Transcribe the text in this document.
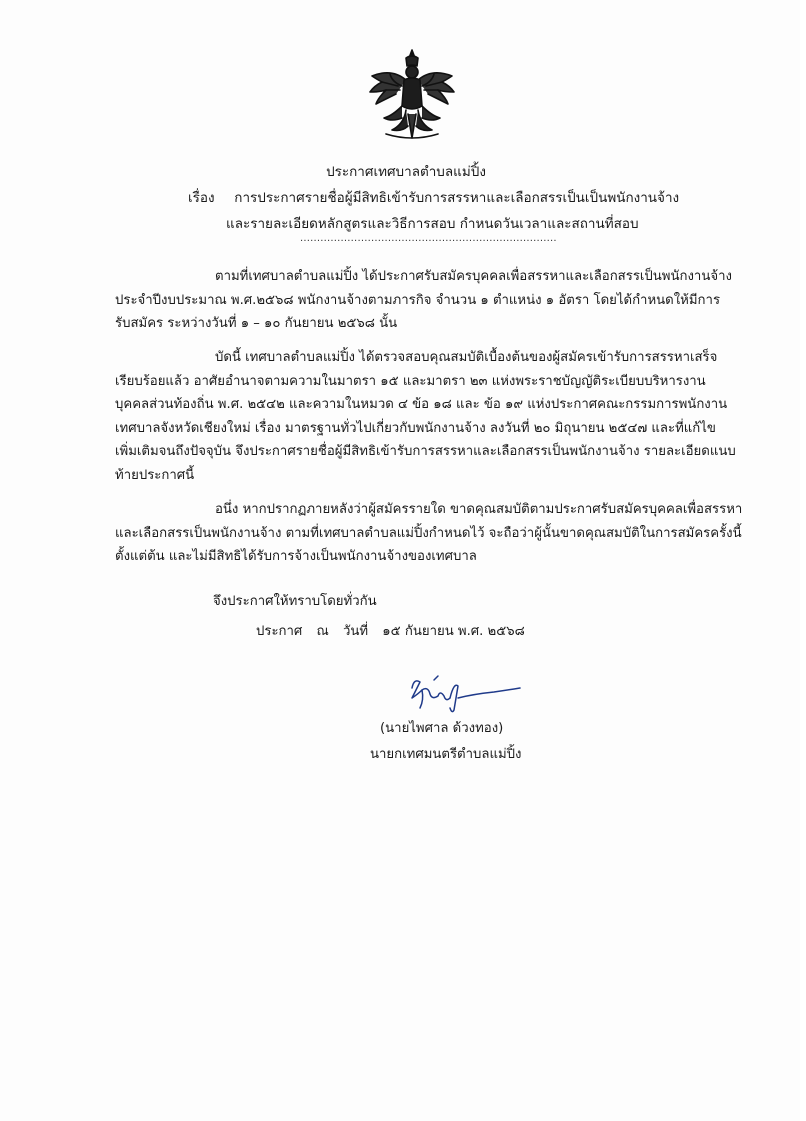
ประกาศเทศบาลตำบลแม่ปิ้ง
เรื่อง การประกาศรายชื่อผู้มีสิทธิเข้ารับการสรรหาและเลือกสรรเป็นเป็นพนักงานจ้าง
และรายละเอียดหลักสูตรและวิธีการสอบ กำหนดวันเวลาและสถานที่สอบ
............................................................................
ตามที่เทศบาลตำบลแม่ปิ้ง ได้ประกาศรับสมัครบุคคลเพื่อสรรหาและเลือกสรรเป็นพนักงานจ้าง
ประจำปีงบประมาณ พ.ศ.๒๕๖๘ พนักงานจ้างตามภารกิจ จำนวน ๑ ตำแหน่ง ๑ อัตรา โดยได้กำหนดให้มีการ
รับสมัคร ระหว่างวันที่ ๑ – ๑๐ กันยายน ๒๕๖๘ นั้น
บัดนี้ เทศบาลตำบลแม่ปิ้ง ได้ตรวจสอบคุณสมบัติเบื้องต้นของผู้สมัครเข้ารับการสรรหาเสร็จ
เรียบร้อยแล้ว อาศัยอำนาจตามความในมาตรา ๑๕ และมาตรา ๒๓ แห่งพระราชบัญญัติระเบียบบริหารงาน
บุคคลส่วนท้องถิ่น พ.ศ. ๒๕๔๒ และความในหมวด ๔ ข้อ ๑๘ และ ข้อ ๑๙ แห่งประกาศคณะกรรมการพนักงาน
เทศบาลจังหวัดเชียงใหม่ เรื่อง มาตรฐานทั่วไปเกี่ยวกับพนักงานจ้าง ลงวันที่ ๒๐ มิถุนายน ๒๕๔๗ และที่แก้ไข
เพิ่มเติมจนถึงปัจจุบัน จึงประกาศรายชื่อผู้มีสิทธิเข้ารับการสรรหาและเลือกสรรเป็นพนักงานจ้าง รายละเอียดแนบ
ท้ายประกาศนี้
อนึ่ง หากปรากฏภายหลังว่าผู้สมัครรายใด ขาดคุณสมบัติตามประกาศรับสมัครบุคคลเพื่อสรรหา
และเลือกสรรเป็นพนักงานจ้าง ตามที่เทศบาลตำบลแม่ปิ้งกำหนดไว้ จะถือว่าผู้นั้นขาดคุณสมบัติในการสมัครครั้งนี้
ตั้งแต่ต้น และไม่มีสิทธิได้รับการจ้างเป็นพนักงานจ้างของเทศบาล
จึงประกาศให้ทราบโดยทั่วกัน
ประกาศ ณ วันที่ ๑๕ กันยายน พ.ศ. ๒๕๖๘
(นายไพศาล ด้วงทอง)
นายกเทศมนตรีตำบลแม่ปิ้ง
